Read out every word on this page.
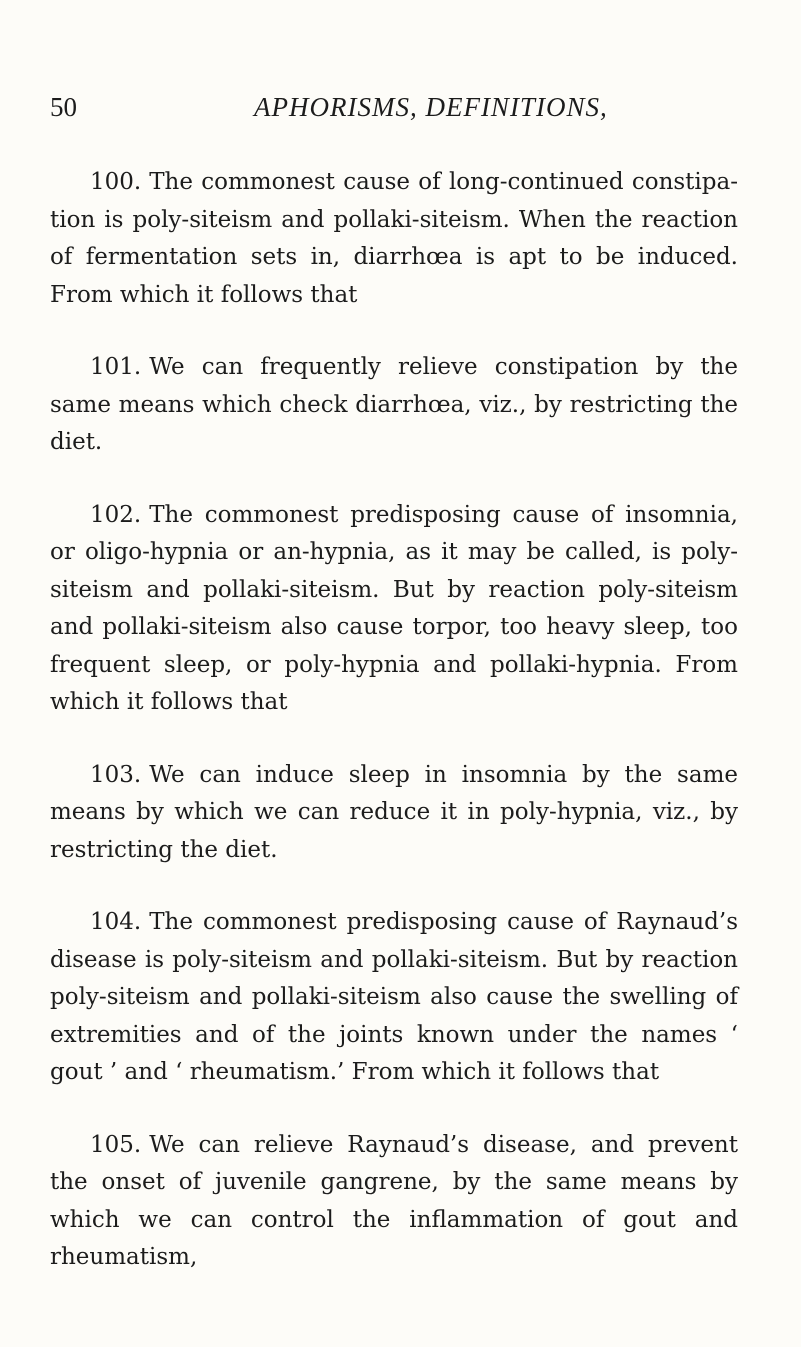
50	APHORISMS, DEFINITIONS,

100. The commonest cause of long-continued constipa-tion is poly-siteism and pollaki-siteism. When the reaction of fermentation sets in, diarrhœa is apt to be induced. From which it follows that

101. We can frequently relieve constipation by the same means which check diarrhœa, viz., by restricting the diet.

102. The commonest predisposing cause of insomnia, or oligo-hypnia or an-hypnia, as it may be called, is poly-siteism and pollaki-siteism. But by reaction poly-siteism and pollaki-siteism also cause torpor, too heavy sleep, too frequent sleep, or poly-hypnia and pollaki-hypnia. From which it follows that

103. We can induce sleep in insomnia by the same means by which we can reduce it in poly-hypnia, viz., by restricting the diet.

104. The commonest predisposing cause of Raynaud’s disease is poly-siteism and pollaki-siteism. But by reaction poly-siteism and pollaki-siteism also cause the swelling of extremities and of the joints known under the names ‘ gout ’ and ‘ rheumatism.’ From which it follows that

105. We can relieve Raynaud’s disease, and prevent the onset of juvenile gangrene, by the same means by which we can control the inflammation of gout and rheumatism,
